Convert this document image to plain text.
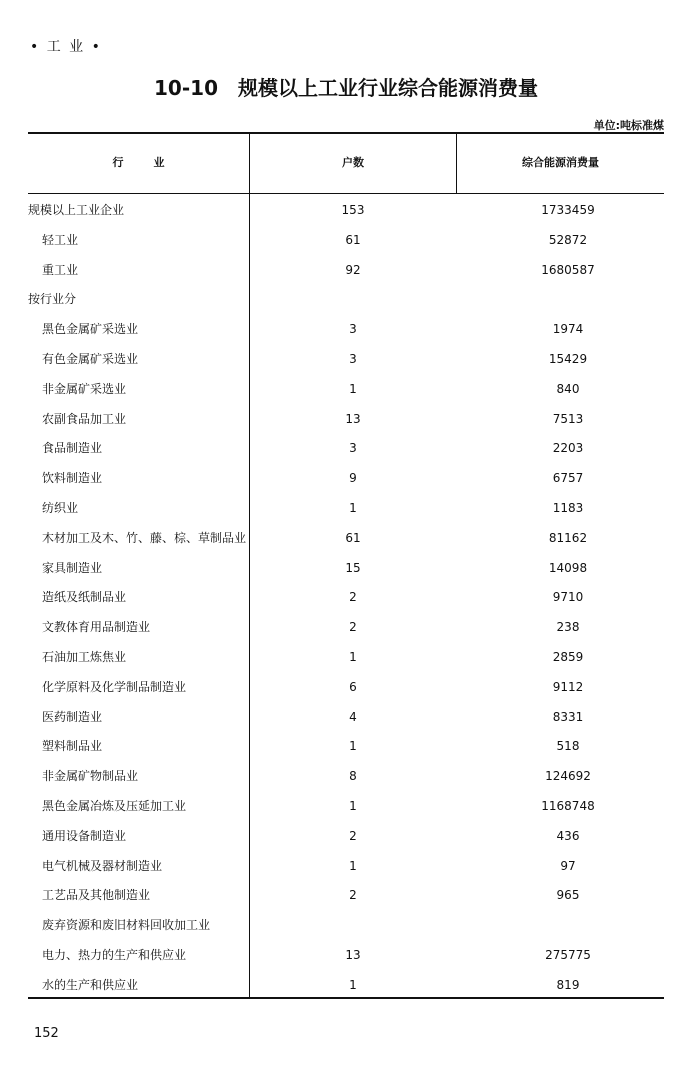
• 工 业 •
10-10　规模以上工业行业综合能源消费量
单位:吨标准煤
行业	户数	综合能源消费量
规模以上工业企业	153	1733459
轻工业	61	52872
重工业	92	1680587
按行业分
黑色金属矿采选业	3	1974
有色金属矿采选业	3	15429
非金属矿采选业	1	840
农副食品加工业	13	7513
食品制造业	3	2203
饮料制造业	9	6757
纺织业	1	1183
木材加工及木、竹、藤、棕、草制品业	61	81162
家具制造业	15	14098
造纸及纸制品业	2	9710
文教体育用品制造业	2	238
石油加工炼焦业	1	2859
化学原料及化学制品制造业	6	9112
医药制造业	4	8331
塑料制品业	1	518
非金属矿物制品业	8	124692
黑色金属冶炼及压延加工业	1	1168748
通用设备制造业	2	436
电气机械及器材制造业	1	97
工艺品及其他制造业	2	965
废弃资源和废旧材料回收加工业
电力、热力的生产和供应业	13	275775
水的生产和供应业	1	819
152
